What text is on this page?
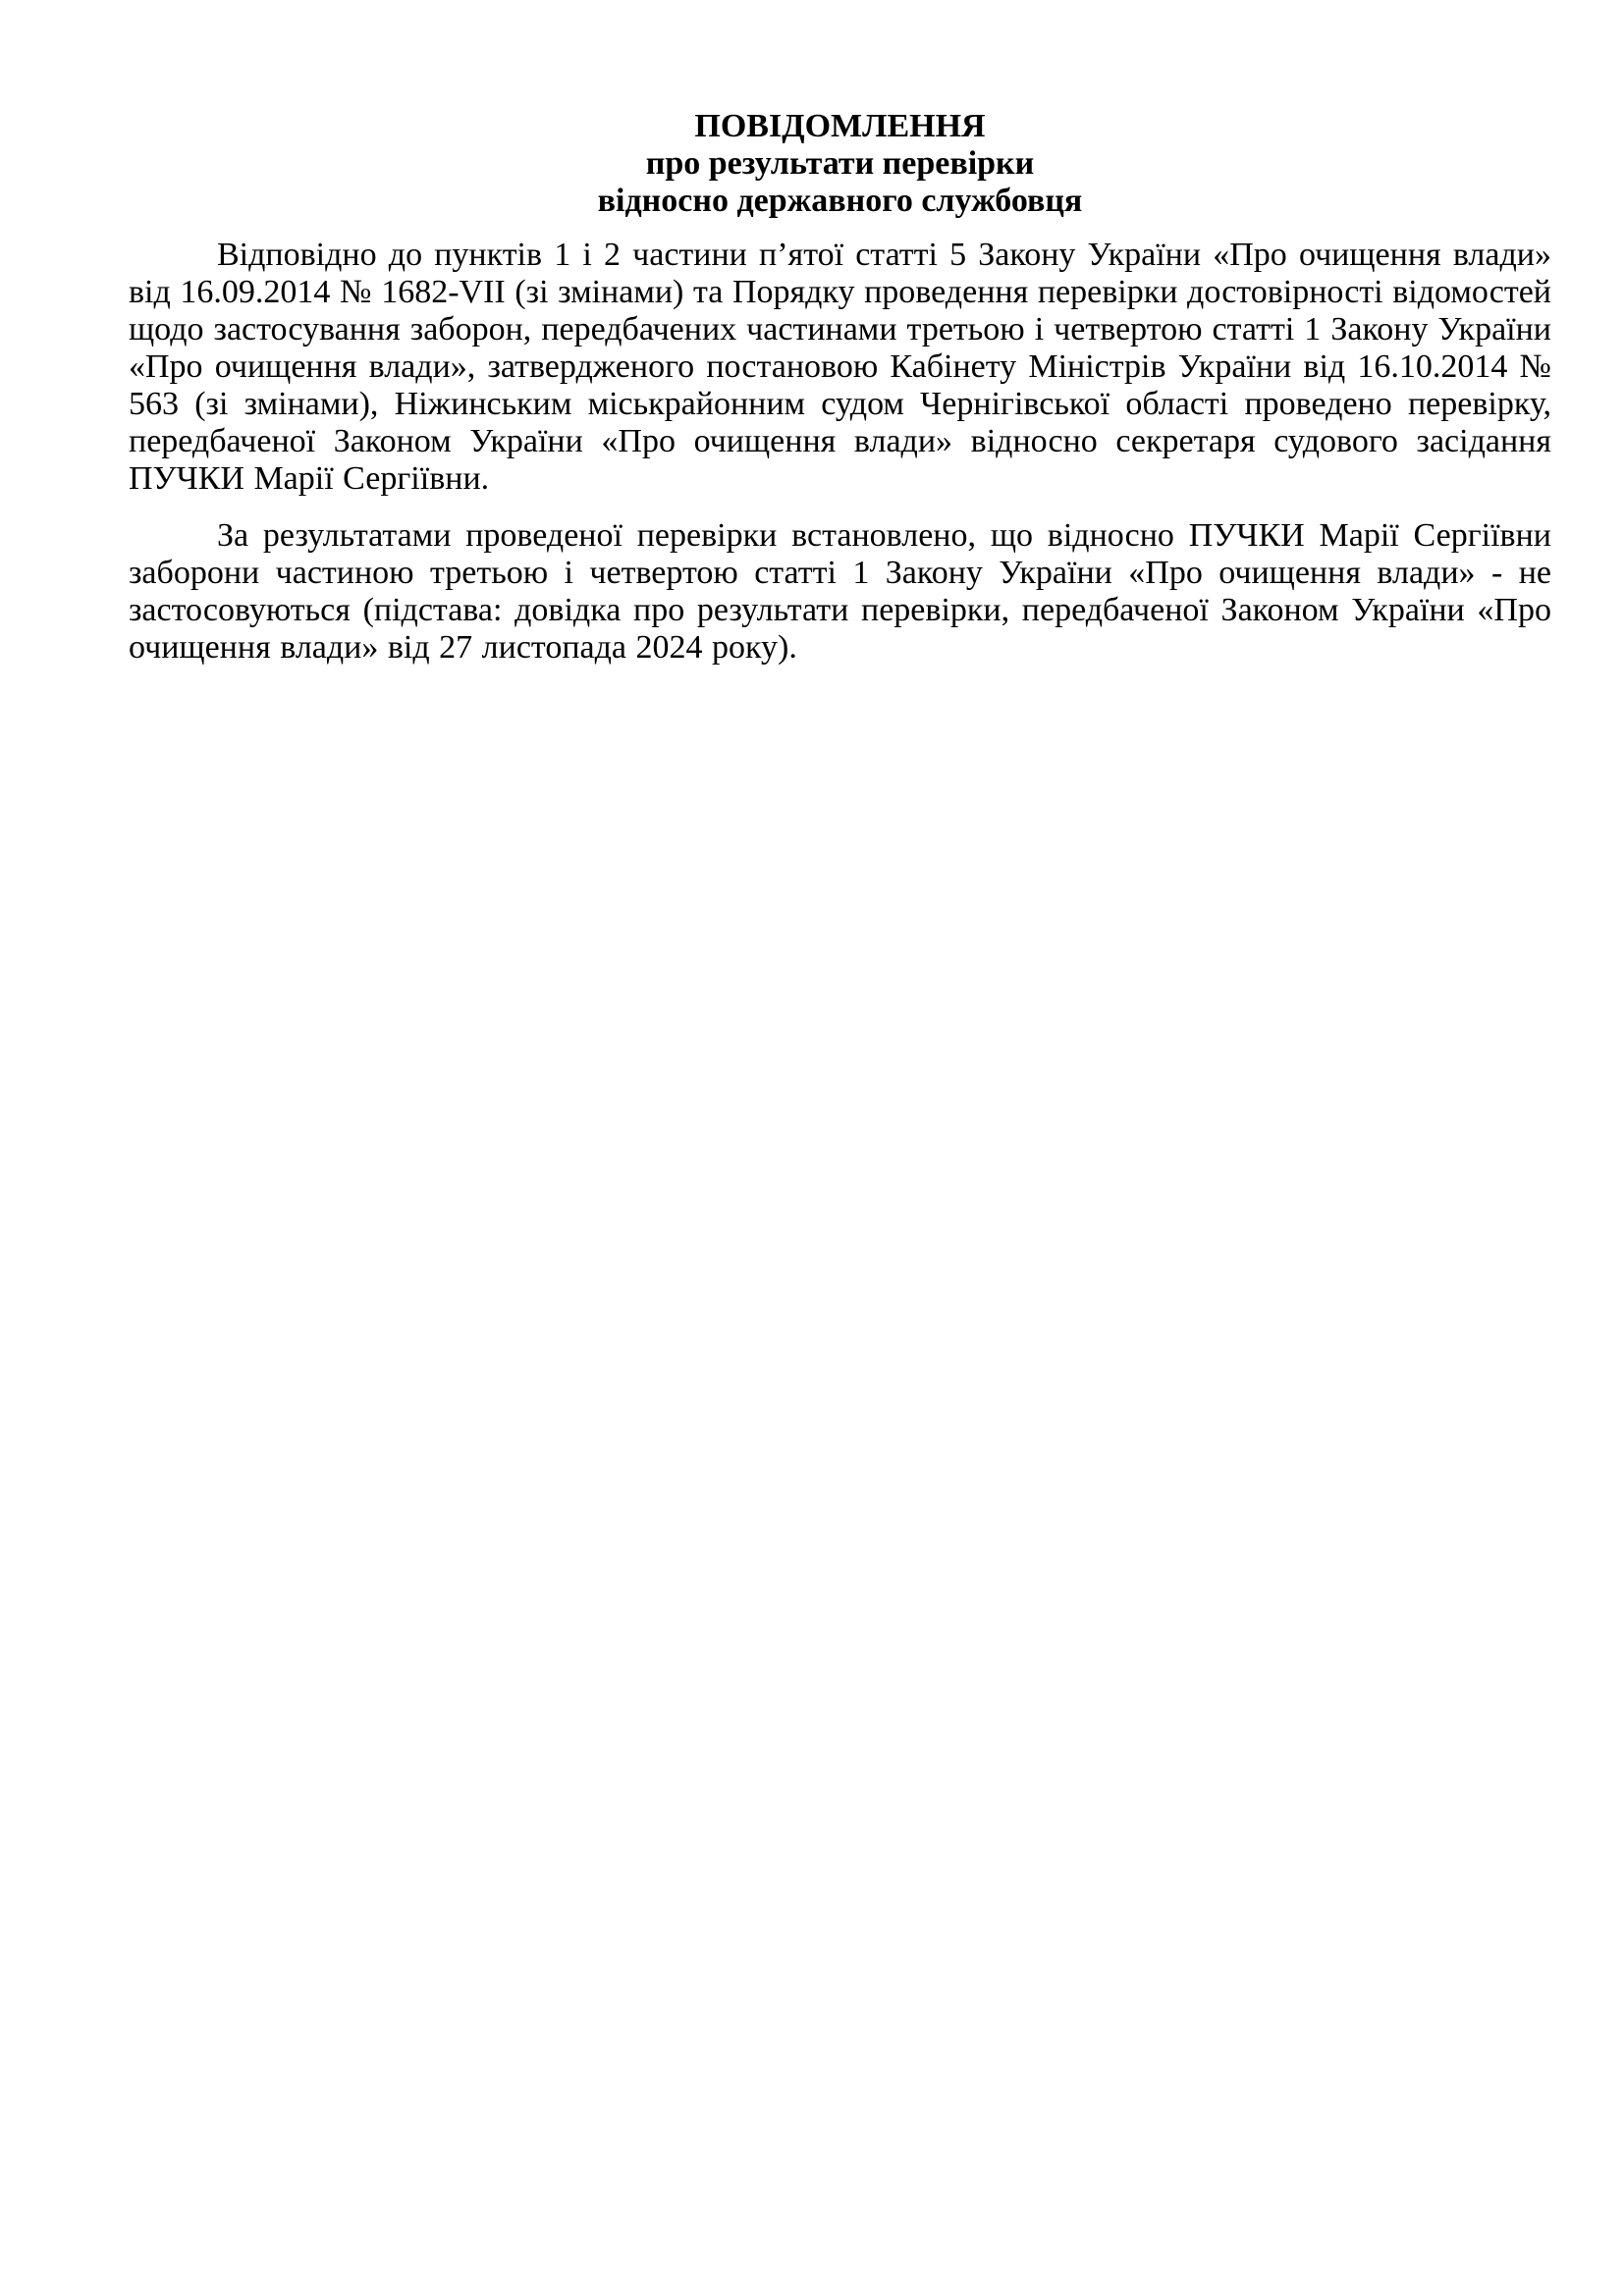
ПОВІДОМЛЕННЯ
про результати перевірки
відносно державного службовця

Відповідно до пунктів 1 і 2 частини п’ятої статті 5 Закону України «Про очищення влади» від 16.09.2014 № 1682-VII (зі змінами) та Порядку проведення перевірки достовірності відомостей щодо застосування заборон, передбачених частинами третьою і четвертою статті 1 Закону України «Про очищення влади», затвердженого постановою Кабінету Міністрів України від 16.10.2014 № 563 (зі змінами), Ніжинським міськрайонним судом Чернігівської області проведено перевірку, передбаченої Законом України «Про очищення влади» відносно секретаря судового засідання ПУЧКИ Марії Сергіївни.

За результатами проведеної перевірки встановлено, що відносно ПУЧКИ Марії Сергіївни заборони частиною третьою і четвертою статті 1 Закону України «Про очищення влади» - не застосовуються (підстава: довідка про результати перевірки, передбаченої Законом України «Про очищення влади» від 27 листопада 2024 року).
